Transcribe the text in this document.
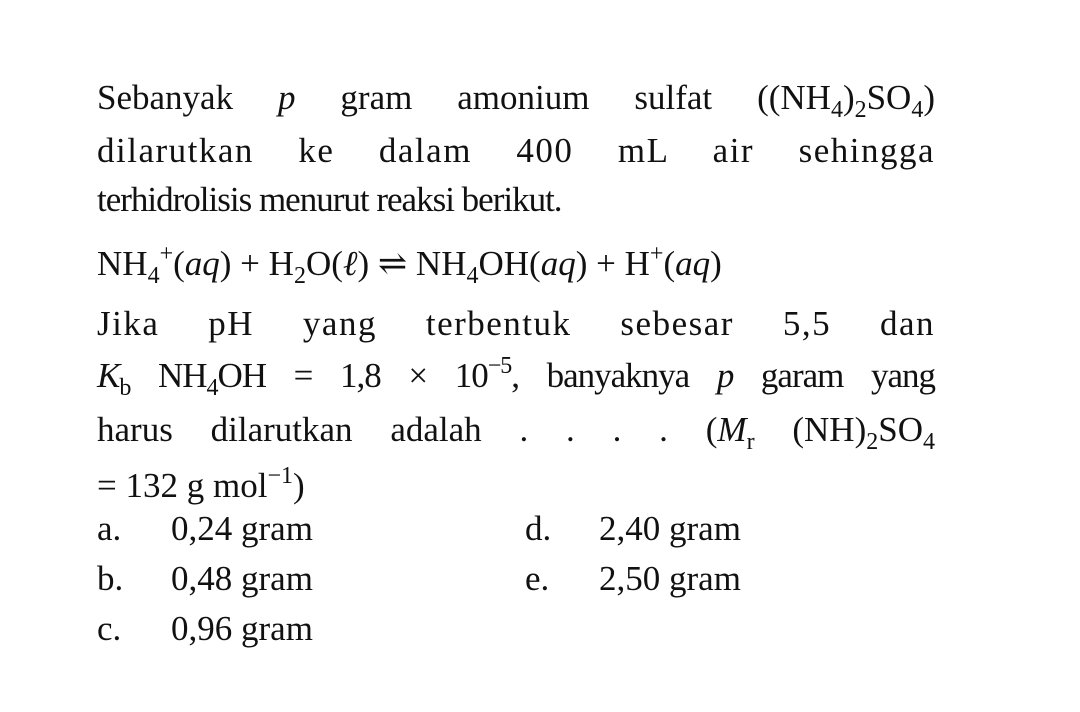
Sebanyak p gram amonium sulfat $((NH_4)_2SO_4)$
dilarutkan ke dalam 400 mL air sehingga
terhidrolisis menurut reaksi berikut.
$NH_4^+(aq)$ + $H_2O(\ell)$ ⇌ $NH_4OH(aq) + H^+(aq)$
Jika pH yang terbentuk sebesar 5,5 dan
$K_b$ $NH_4OH = 1,8 \times 10^{-5}$, banyaknya p garam yang
harus dilarutkan adalah . . . . ($M_r$ $(NH)_2SO_4$
= 132 g mol$^{-1}$)
a. 0,24 gram
b. 0,48 gram
c. 0,96 gram
d. 2,40 gram
e. 2,50 gram
